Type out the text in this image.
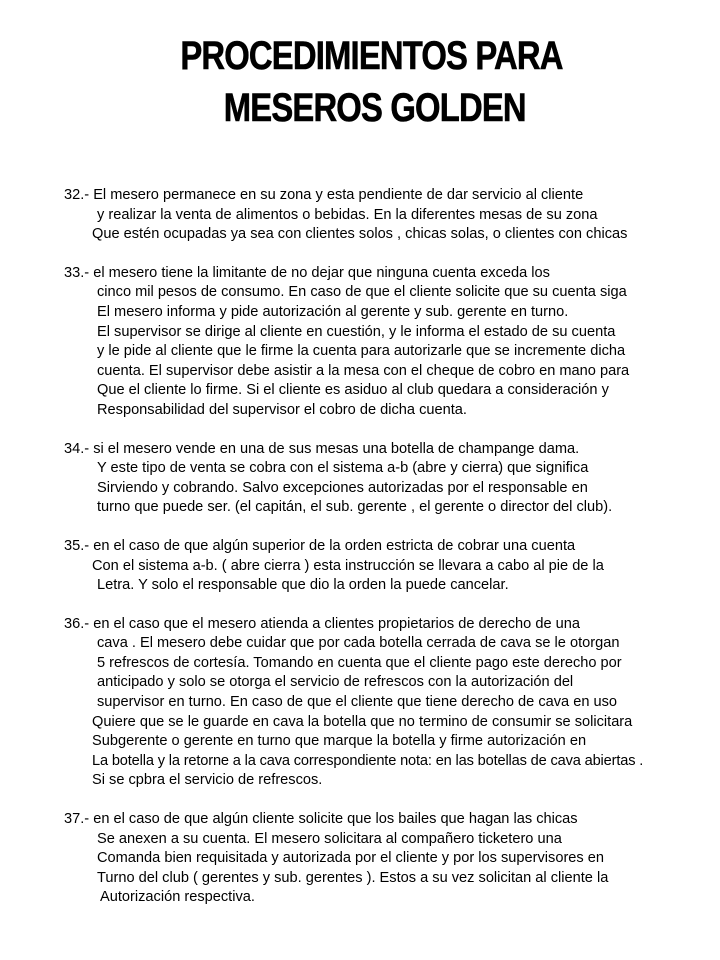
PROCEDIMIENTOS PARA
MESEROS GOLDEN
32.- El mesero permanece en su zona y esta pendiente de dar servicio al cliente
y realizar la venta de alimentos o bebidas. En la diferentes mesas de su zona
Que estén ocupadas ya sea con clientes solos , chicas solas, o clientes con chicas
33.- el mesero tiene la limitante de no dejar que ninguna cuenta exceda los
cinco mil pesos de consumo. En caso de que el cliente solicite que su cuenta siga
El mesero informa y pide autorización al gerente y sub. gerente en turno.
El supervisor se dirige al cliente en cuestión, y le informa el estado de su cuenta
y le pide al cliente que le firme la cuenta para autorizarle que se incremente dicha
cuenta. El supervisor debe asistir a la mesa con el cheque de cobro en mano para
Que el cliente lo firme. Si el cliente es asiduo al club quedara a consideración y
Responsabilidad del supervisor el cobro de dicha cuenta.
34.- si el mesero vende en una de sus mesas una botella de champange dama.
Y este tipo de venta se cobra con el sistema a-b (abre y cierra) que significa
Sirviendo y cobrando. Salvo excepciones autorizadas por el responsable en
turno que puede ser. (el capitán, el sub. gerente , el gerente o director del club).
35.- en el caso de que algún superior de la orden estricta de cobrar una cuenta
Con el sistema a-b. ( abre cierra ) esta instrucción se llevara a cabo al pie de la
Letra. Y solo el responsable que dio la orden la puede cancelar.
36.- en el caso que el mesero atienda a clientes propietarios de derecho de una
cava . El mesero debe cuidar que por cada botella cerrada de cava se le otorgan
5 refrescos de cortesía. Tomando en cuenta que el cliente pago este derecho por
anticipado y solo se otorga el servicio de refrescos con la autorización del
supervisor en turno. En caso de que el cliente que tiene derecho de cava en uso
Quiere que se le guarde en cava la botella que no termino de consumir se solicitara
Subgerente o gerente en turno que marque la botella y firme autorización en
La botella y la retorne a la cava correspondiente nota: en las botellas de cava abiertas .
Si se cpbra el servicio de refrescos.
37.- en el caso de que algún cliente solicite que los bailes que hagan las chicas
Se anexen a su cuenta. El mesero solicitara al compañero ticketero una
Comanda bien requisitada y autorizada por el cliente y por los supervisores en
Turno del club ( gerentes y sub. gerentes ). Estos a su vez solicitan al cliente la
Autorización respectiva.
